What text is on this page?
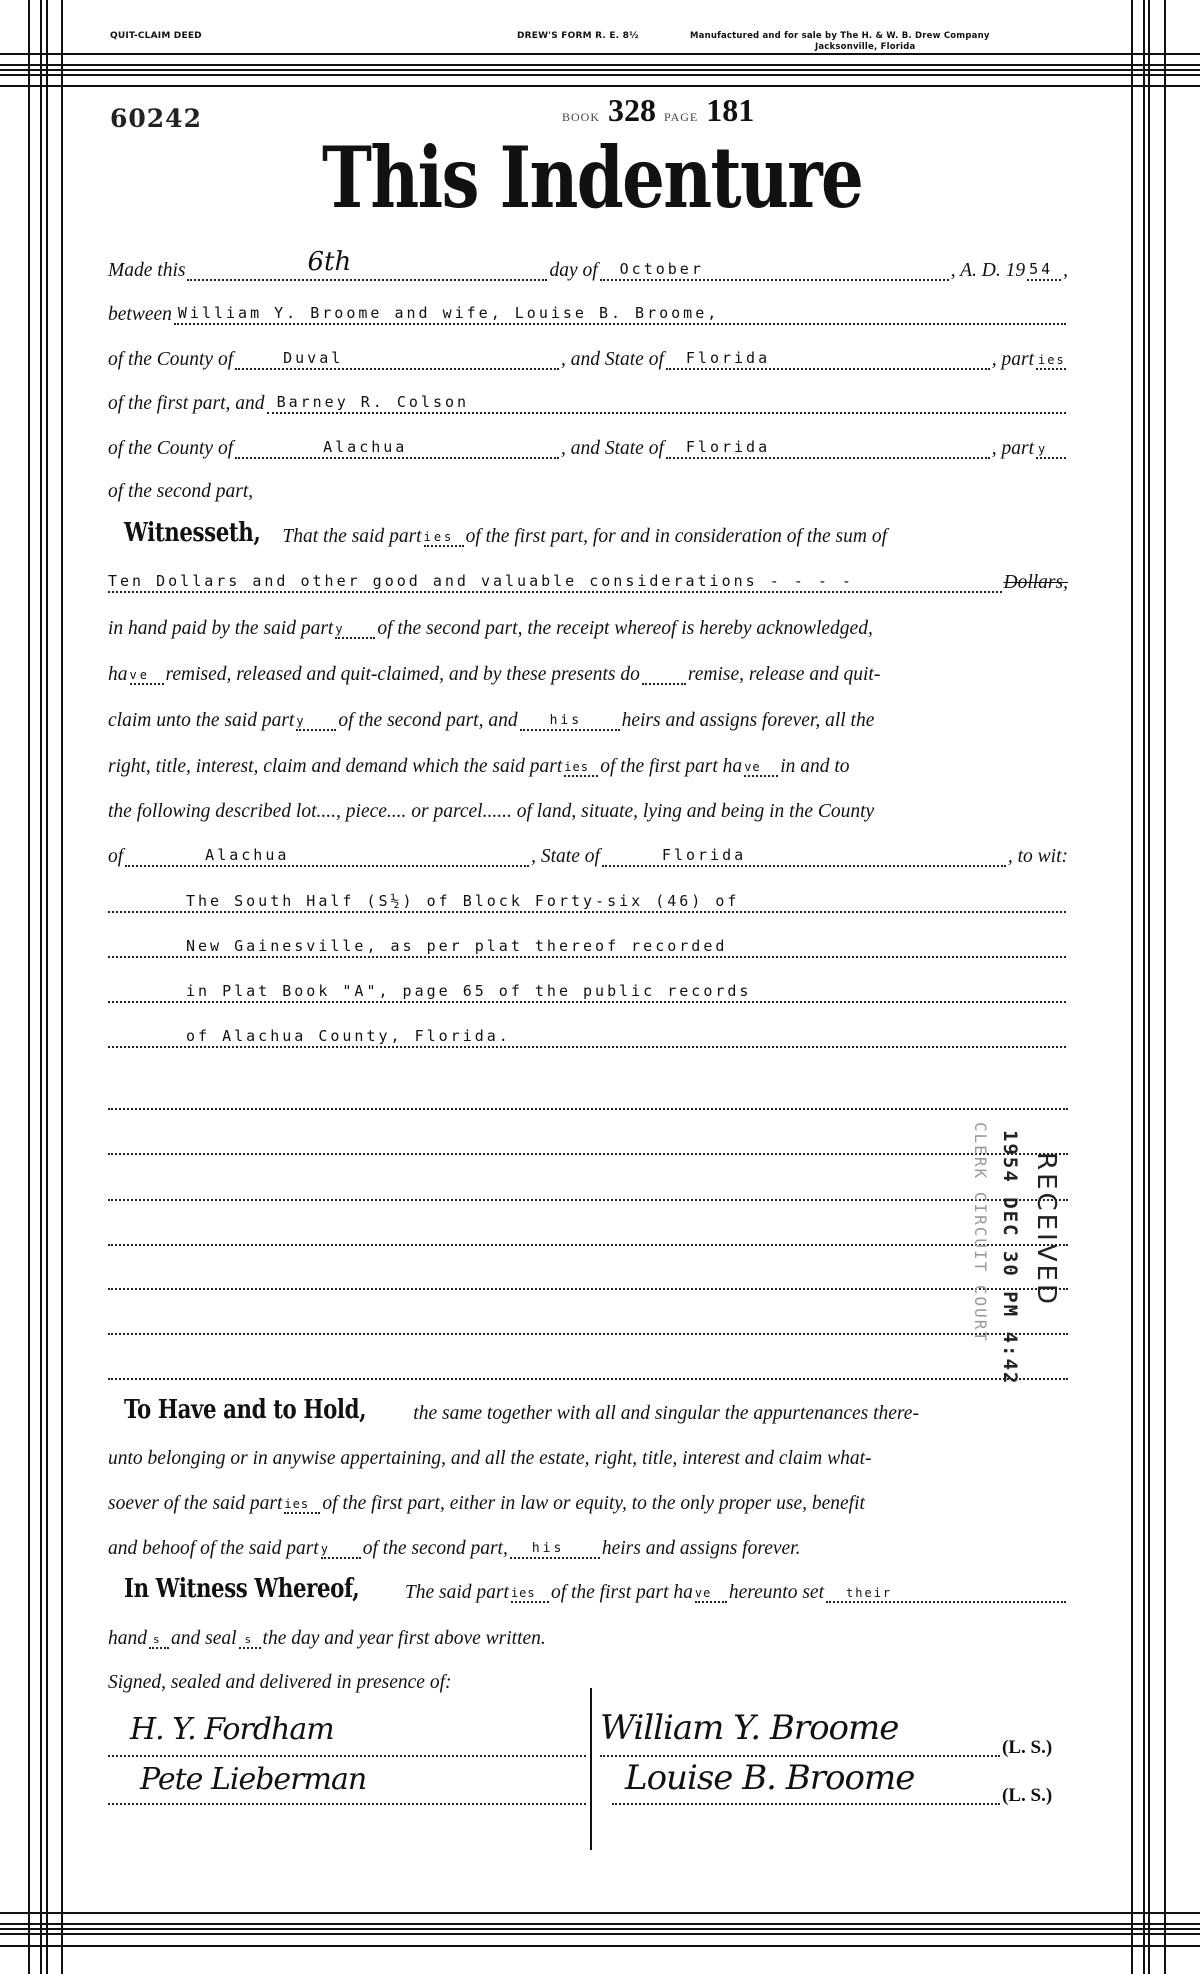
QUIT-CLAIM DEED	DREW'S FORM R. E. 8½	Manufactured and for sale by The H. & W. B. Drew Company
Jacksonville, Florida
60242	BOOK 328 PAGE 181
This Indenture
Made this	6th	day of October	, A. D. 19 54 ,
between William Y. Broome and wife, Louise B. Broome,
of the County of	Duval	, and State of Florida	, part ies
of the first part, and Barney R. Colson
of the County of	Alachua	, and State of Florida	, part y
of the second part,
Witnesseth, That the said part ies of the first part, for and in consideration of the sum of
Ten Dollars and other good and valuable considerations - - - -	Dollars,
in hand paid by the said part y of the second part, the receipt whereof is hereby acknowledged,
ha ve remised, released and quit-claimed, and by these presents do remise, release and quit-
claim unto the said part y of the second part, and his heirs and assigns forever, all the
right, title, interest, claim and demand which the said part ies of the first part ha ve in and to
the following described lot...., piece.... or parcel...... of land, situate, lying and being in the County
of	Alachua	, State of	Florida	, to wit:
The South Half (S½) of Block Forty-six (46) of
New Gainesville, as per plat thereof recorded
in Plat Book "A", page 65 of the public records
of Alachua County, Florida.
RECEIVED
1954 DEC 30 PM 4:42
CLERK CIRCUIT COURT
To Have and to Hold, the same together with all and singular the appurtenances there-
unto belonging or in anywise appertaining, and all the estate, right, title, interest and claim what-
soever of the said part ies of the first part, either in law or equity, to the only proper use, benefit
and behoof of the said part y of the second part, his heirs and assigns forever.
In Witness Whereof, The said part ies of the first part ha ve hereunto set their
hand s and seal s the day and year first above written.
Signed, sealed and delivered in presence of:
H. Y. Fordham
Pete Lieberman
William Y. Broome
Louise B. Broome
(L. S.)
(L. S.)
